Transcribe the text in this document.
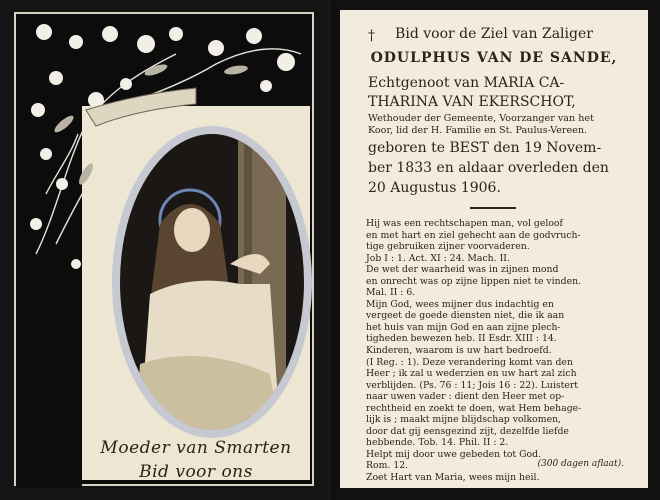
Moeder van Smarten
Bid voor ons
†	Bid voor de Ziel van Zaliger
ODULPHUS VAN DE SANDE,
Echtgenoot van MARIA CA-
THARINA VAN EKERSCHOT,
Wethouder der Gemeente, Voorzanger van het
Koor, lid der H. Familie en St. Paulus-Vereen.
geboren te BEST den 19 Novem-
ber 1833 en aldaar overleden den
20 Augustus 1906.
Hij was een rechtschapen man, vol geloof
en met hart en ziel gehecht aan de godvruch-
tige gebruiken zijner voorvaderen.
Job I : 1. Act. XI : 24. Mach. II.
De wet der waarheid was in zijnen mond
en onrecht was op zijne lippen niet te vinden.
Mal. II : 6.
Mijn God, wees mijner dus indachtig en
vergeet de goede diensten niet, die ik aan
het huis van mijn God en aan zijne plech-
tigheden bewezen heb. II Esdr. XIII : 14.
Kinderen, waarom is uw hart bedroefd.
(I Reg. : 1). Deze verandering komt van den
Heer ; ik zal u wederzien en uw hart zal zich
verblijden. (Ps. 76 : 11; Jois 16 : 22). Luistert
naar uwen vader : dient den Heer met op-
rechtheid en zoekt te doen, wat Hem behage-
lijk is ; maakt mijne blijdschap volkomen,
door dat gij eensgezind zijt, dezelfde liefde
hebbende. Tob. 14. Phil. II : 2.
Helpt mij door uwe gebeden tot God.
Rom. 12.
Zoet Hart van Maria, wees mijn heil.
(300 dagen aflaat).
